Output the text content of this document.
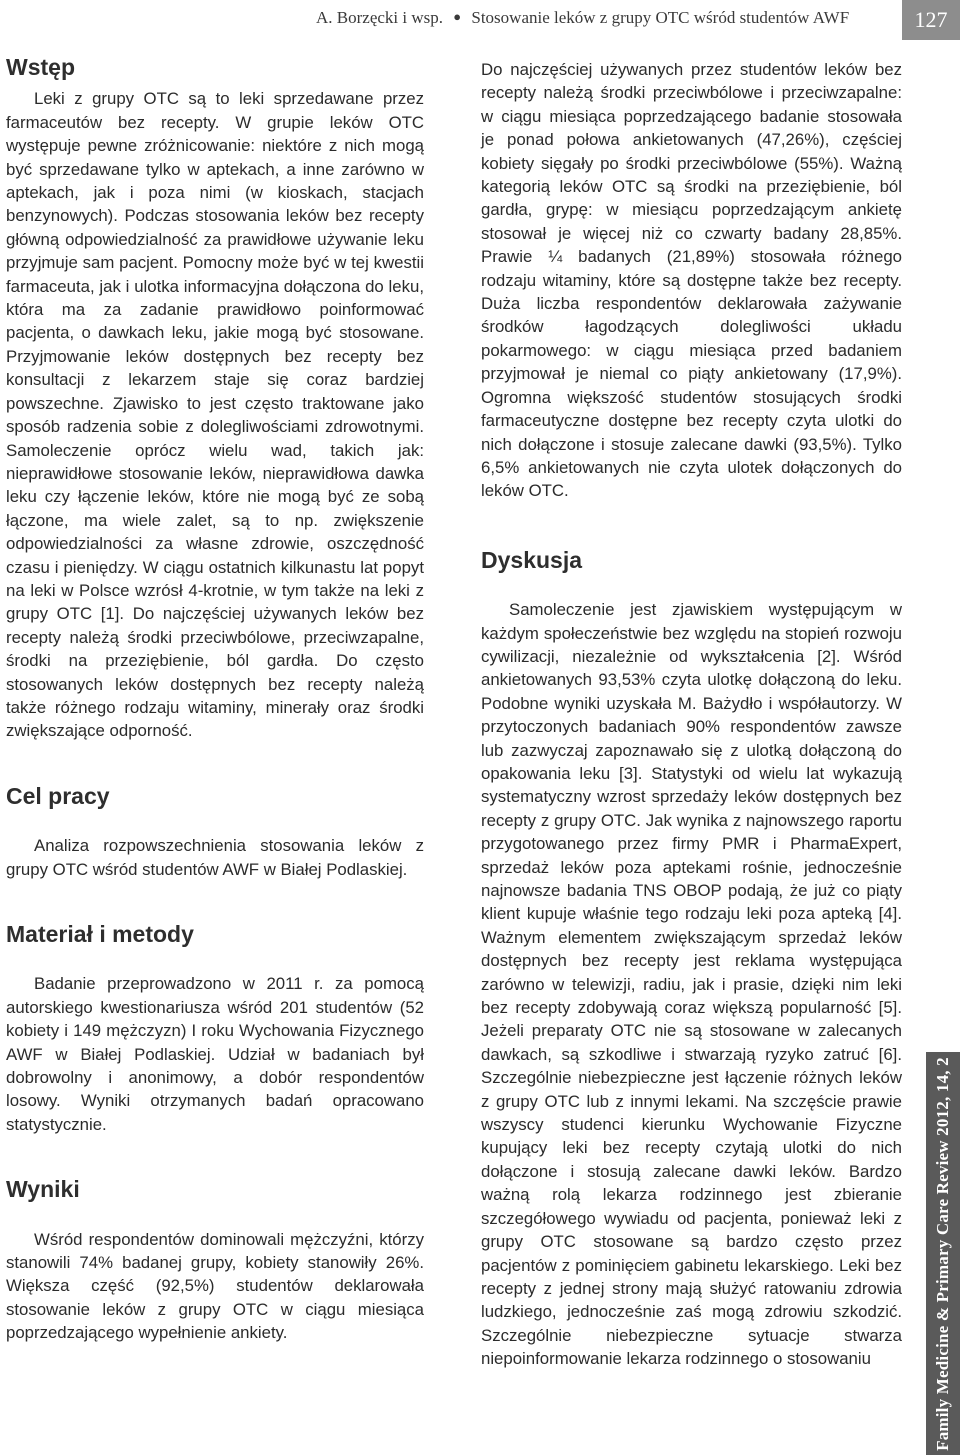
A. Borzęcki i wsp. ● Stosowanie leków z grupy OTC wśród studentów AWF	127
Wstęp

Leki z grupy OTC są to leki sprzedawane przez farmaceutów bez recepty. W grupie leków OTC występuje pewne zróżnicowanie: niektóre z nich mogą być sprzedawane tylko w aptekach, a inne zarówno w aptekach, jak i poza nimi (w kioskach, stacjach benzynowych). Podczas stosowania leków bez recepty główną odpowiedzialność za prawidłowe używanie leku przyjmuje sam pacjent. Pomocny może być w tej kwestii farmaceuta, jak i ulotka informacyjna dołączona do leku, która ma za zadanie prawidłowo poinformować pacjenta, o dawkach leku, jakie mogą być stosowane. Przyjmowanie leków dostępnych bez recepty bez konsultacji z lekarzem staje się coraz bardziej powszechne. Zjawisko to jest często traktowane jako sposób radzenia sobie z dolegliwościami zdrowotnymi. Samoleczenie oprócz wielu wad, takich jak: nieprawidłowe stosowanie leków, nieprawidłowa dawka leku czy łączenie leków, które nie mogą być ze sobą łączone, ma wiele zalet, są to np. zwiększenie odpowiedzialności za własne zdrowie, oszczędność czasu i pieniędzy. W ciągu ostatnich kilkunastu lat popyt na leki w Polsce wzrósł 4-krotnie, w tym także na leki z grupy OTC [1]. Do najczęściej używanych leków bez recepty należą środki przeciwbólowe, przeciwzapalne, środki na przeziębienie, ból gardła. Do często stosowanych leków dostępnych bez recepty należą także różnego rodzaju witaminy, minerały oraz środki zwiększające odporność.

Cel pracy

Analiza rozpowszechnienia stosowania leków z grupy OTC wśród studentów AWF w Białej Podlaskiej.

Materiał i metody

Badanie przeprowadzono w 2011 r. za pomocą autorskiego kwestionariusza wśród 201 studentów (52 kobiety i 149 mężczyzn) I roku Wychowania Fizycznego AWF w Białej Podlaskiej. Udział w badaniach był dobrowolny i anonimowy, a dobór respondentów losowy. Wyniki otrzymanych badań opracowano statystycznie.

Wyniki

Wśród respondentów dominowali mężczyźni, którzy stanowili 74% badanej grupy, kobiety stanowiły 26%. Większa część (92,5%) studentów deklarowała stosowanie leków z grupy OTC w ciągu miesiąca poprzedzającego wypełnienie ankiety.

Do najczęściej używanych przez studentów leków bez recepty należą środki przeciwbólowe i przeciwzapalne: w ciągu miesiąca poprzedzającego badanie stosowała je ponad połowa ankietowanych (47,26%), częściej kobiety sięgały po środki przeciwbólowe (55%). Ważną kategorią leków OTC są środki na przeziębienie, ból gardła, grypę: w miesiącu poprzedzającym ankietę stosował je więcej niż co czwarty badany 28,85%. Prawie ¼ badanych (21,89%) stosowała różnego rodzaju witaminy, które są dostępne także bez recepty. Duża liczba respondentów deklarowała zażywanie środków łagodzących dolegliwości układu pokarmowego: w ciągu miesiąca przed badaniem przyjmował je niemal co piąty ankietowany (17,9%). Ogromna większość studentów stosujących środki farmaceutyczne dostępne bez recepty czyta ulotki do nich dołączone i stosuje zalecane dawki (93,5%). Tylko 6,5% ankietowanych nie czyta ulotek dołączonych do leków OTC.

Dyskusja

Samoleczenie jest zjawiskiem występującym w każdym społeczeństwie bez względu na stopień rozwoju cywilizacji, niezależnie od wykształcenia [2]. Wśród ankietowanych 93,53% czyta ulotkę dołączoną do leku. Podobne wyniki uzyskała M. Bażydło i współautorzy. W przytoczonych badaniach 90% respondentów zawsze lub zazwyczaj zapoznawało się z ulotką dołączoną do opakowania leku [3]. Statystyki od wielu lat wykazują systematyczny wzrost sprzedaży leków dostępnych bez recepty z grupy OTC. Jak wynika z najnowszego raportu przygotowanego przez firmy PMR i PharmaExpert, sprzedaż leków poza aptekami rośnie, jednocześnie najnowsze badania TNS OBOP podają, że już co piąty klient kupuje właśnie tego rodzaju leki poza apteką [4]. Ważnym elementem zwiększającym sprzedaż leków dostępnych bez recepty jest reklama występująca zarówno w telewizji, radiu, jak i prasie, dzięki nim leki bez recepty zdobywają coraz większą popularność [5]. Jeżeli preparaty OTC nie są stosowane w zalecanych dawkach, są szkodliwe i stwarzają ryzyko zatruć [6]. Szczególnie niebezpieczne jest łączenie różnych leków z grupy OTC lub z innymi lekami. Na szczęście prawie wszyscy studenci kierunku Wychowanie Fizyczne kupujący leki bez recepty czytają ulotki do nich dołączone i stosują zalecane dawki leków. Bardzo ważną rolą lekarza rodzinnego jest zbieranie szczegółowego wywiadu od pacjenta, ponieważ leki z grupy OTC stosowane są bardzo często przez pacjentów z pominięciem gabinetu lekarskiego. Leki bez recepty z jednej strony mają służyć ratowaniu zdrowia ludzkiego, jednocześnie zaś mogą zdrowiu szkodzić. Szczególnie niebezpieczne sytuacje stwarza niepoinformowanie lekarza rodzinnego o stosowaniu	Family Medicine & Primary Care Review 2012, 14, 2
